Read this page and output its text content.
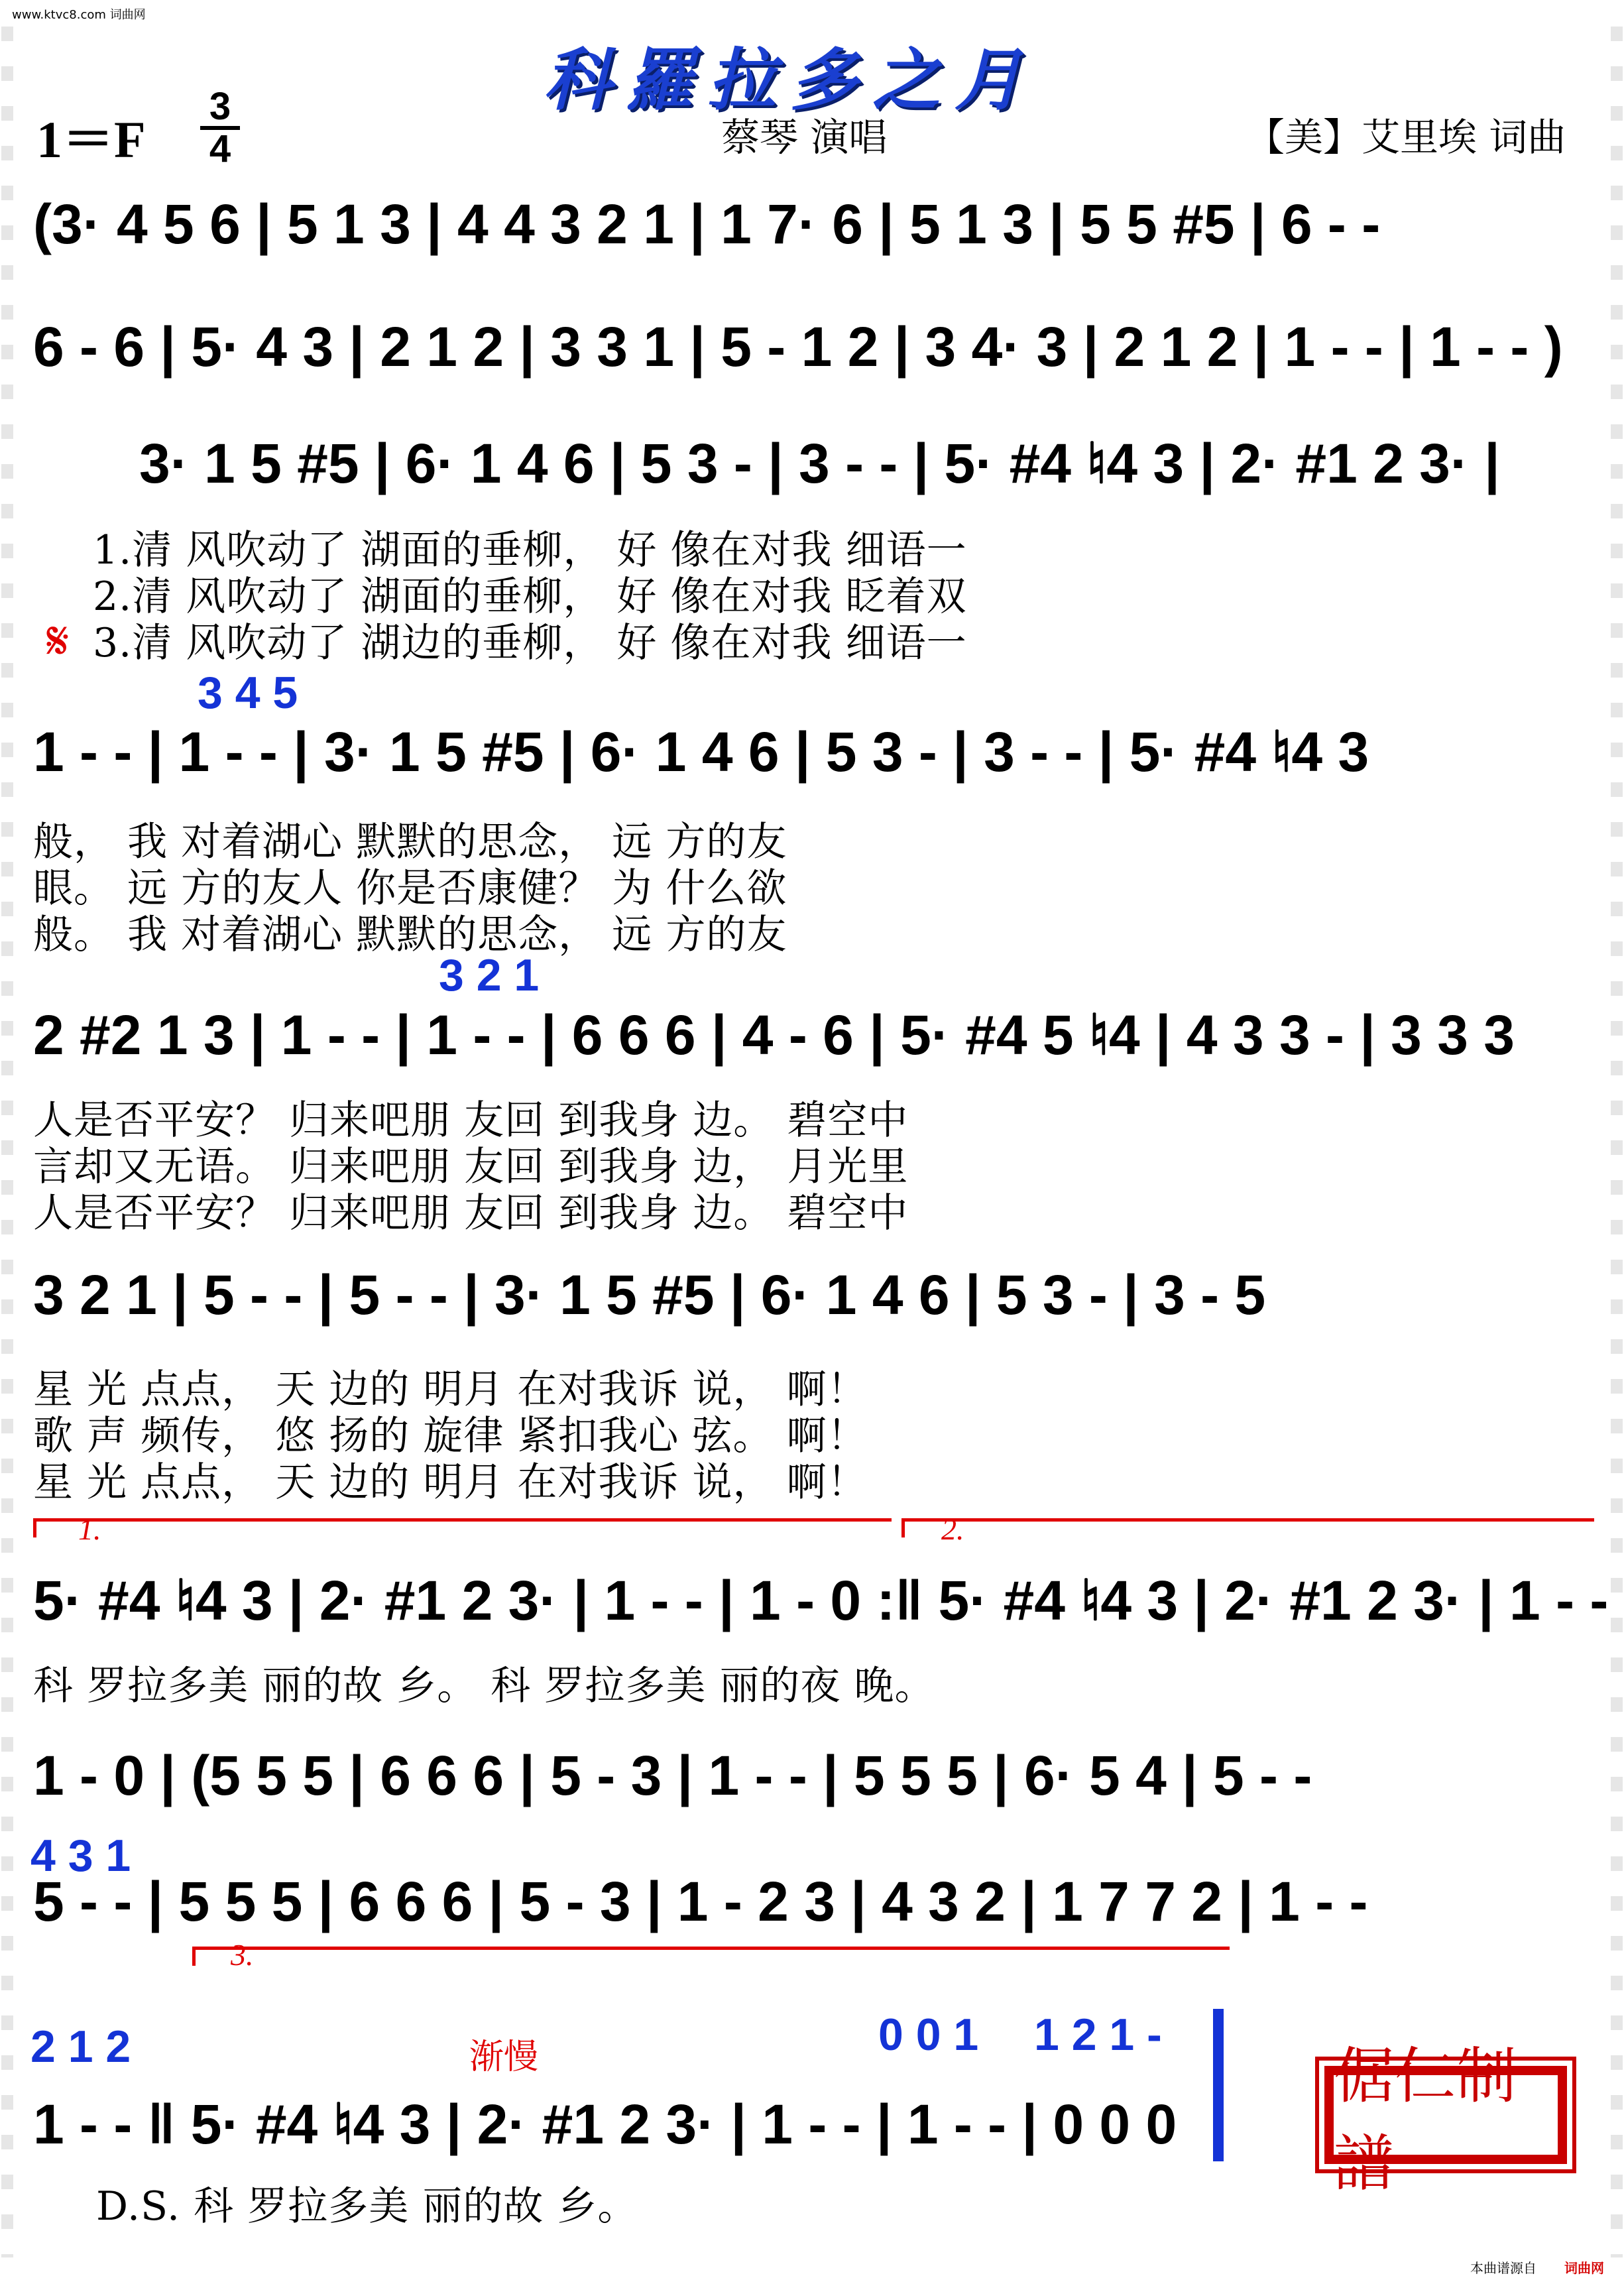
www.ktvc8.com 词曲网
科羅拉多之月
$1=F \frac{3}{4}$	蔡琴 演唱	【美】艾里埃 词曲
(3· 4 5 6 | 5 1 3 | 4 4 3 2 1 | 1 7· 6 | 5 1 3 | 5 5 #5 | 6 - -
6 - 6 | 5· 4 3 | 2 1 2 | 3 3 1 | 5 - 1 2 | 3 4· 3 | 2 1 2 | 1 - - | 1 - - )
3· 1 5 #5 | 6· 1 4 6 | 5 3 - | 3 - - | 5· #4 ♮4 3 | 2· #1 2 3· |
1.清 风吹动了 湖面的垂柳， 好 像在对我 细语一
2.清 风吹动了 湖面的垂柳， 好 像在对我 眨着双
3.清 风吹动了 湖边的垂柳， 好 像在对我 细语一
𝄋
3 4 5
1 - - | 1 - - | 3· 1 5 #5 | 6· 1 4 6 | 5 3 - | 3 - - | 5· #4 ♮4 3
般， 我 对着湖心 默默的思念， 远 方的友
眼。 远 方的友人 你是否康健？ 为 什么欲
般。 我 对着湖心 默默的思念， 远 方的友
3 2 1
2 #2 1 3 | 1 - - | 1 - - | 6 6 6 | 4 - 6 | 5· #4 5 ♮4 | 4 3 3 - | 3 3 3
人是否平安？ 归来吧朋 友回 到我身 边。 碧空中
言却又无语。 归来吧朋 友回 到我身 边， 月光里
人是否平安？ 归来吧朋 友回 到我身 边。 碧空中
3 2 1 | 5 - - | 5 - - | 3· 1 5 #5 | 6· 1 4 6 | 5 3 - | 3 - 5
星 光 点点， 天 边的 明月 在对我诉 说， 啊！
歌 声 频传， 悠 扬的 旋律 紧扣我心 弦。 啊！
星 光 点点， 天 边的 明月 在对我诉 说， 啊！
1.	2.
5· #4 ♮4 3 | 2· #1 2 3· | 1 - - | 1 - 0 :‖ 5· #4 ♮4 3 | 2· #1 2 3· | 1 - -
科 罗拉多美 丽的故 乡。 科 罗拉多美 丽的夜 晚。
1 - 0 | (5 5 5 | 6 6 6 | 5 - 3 | 1 - - | 5 5 5 | 6· 5 4 | 5 - -
4 3 1
5 - - | 5 5 5 | 6 6 6 | 5 - 3 | 1 - 2 3 | 4 3 2 | 1 7 7 2 | 1 - -
3.
渐慢
2 1 2	0 0 1 1 2 1 -
1 - - ‖ 5· #4 ♮4 3 | 2· #1 2 3· | 1 - - | 1 - - | 0 0 0
D.S. 科 罗拉多美 丽的故 乡。
倨仁制譜
本曲谱源自 词曲网
